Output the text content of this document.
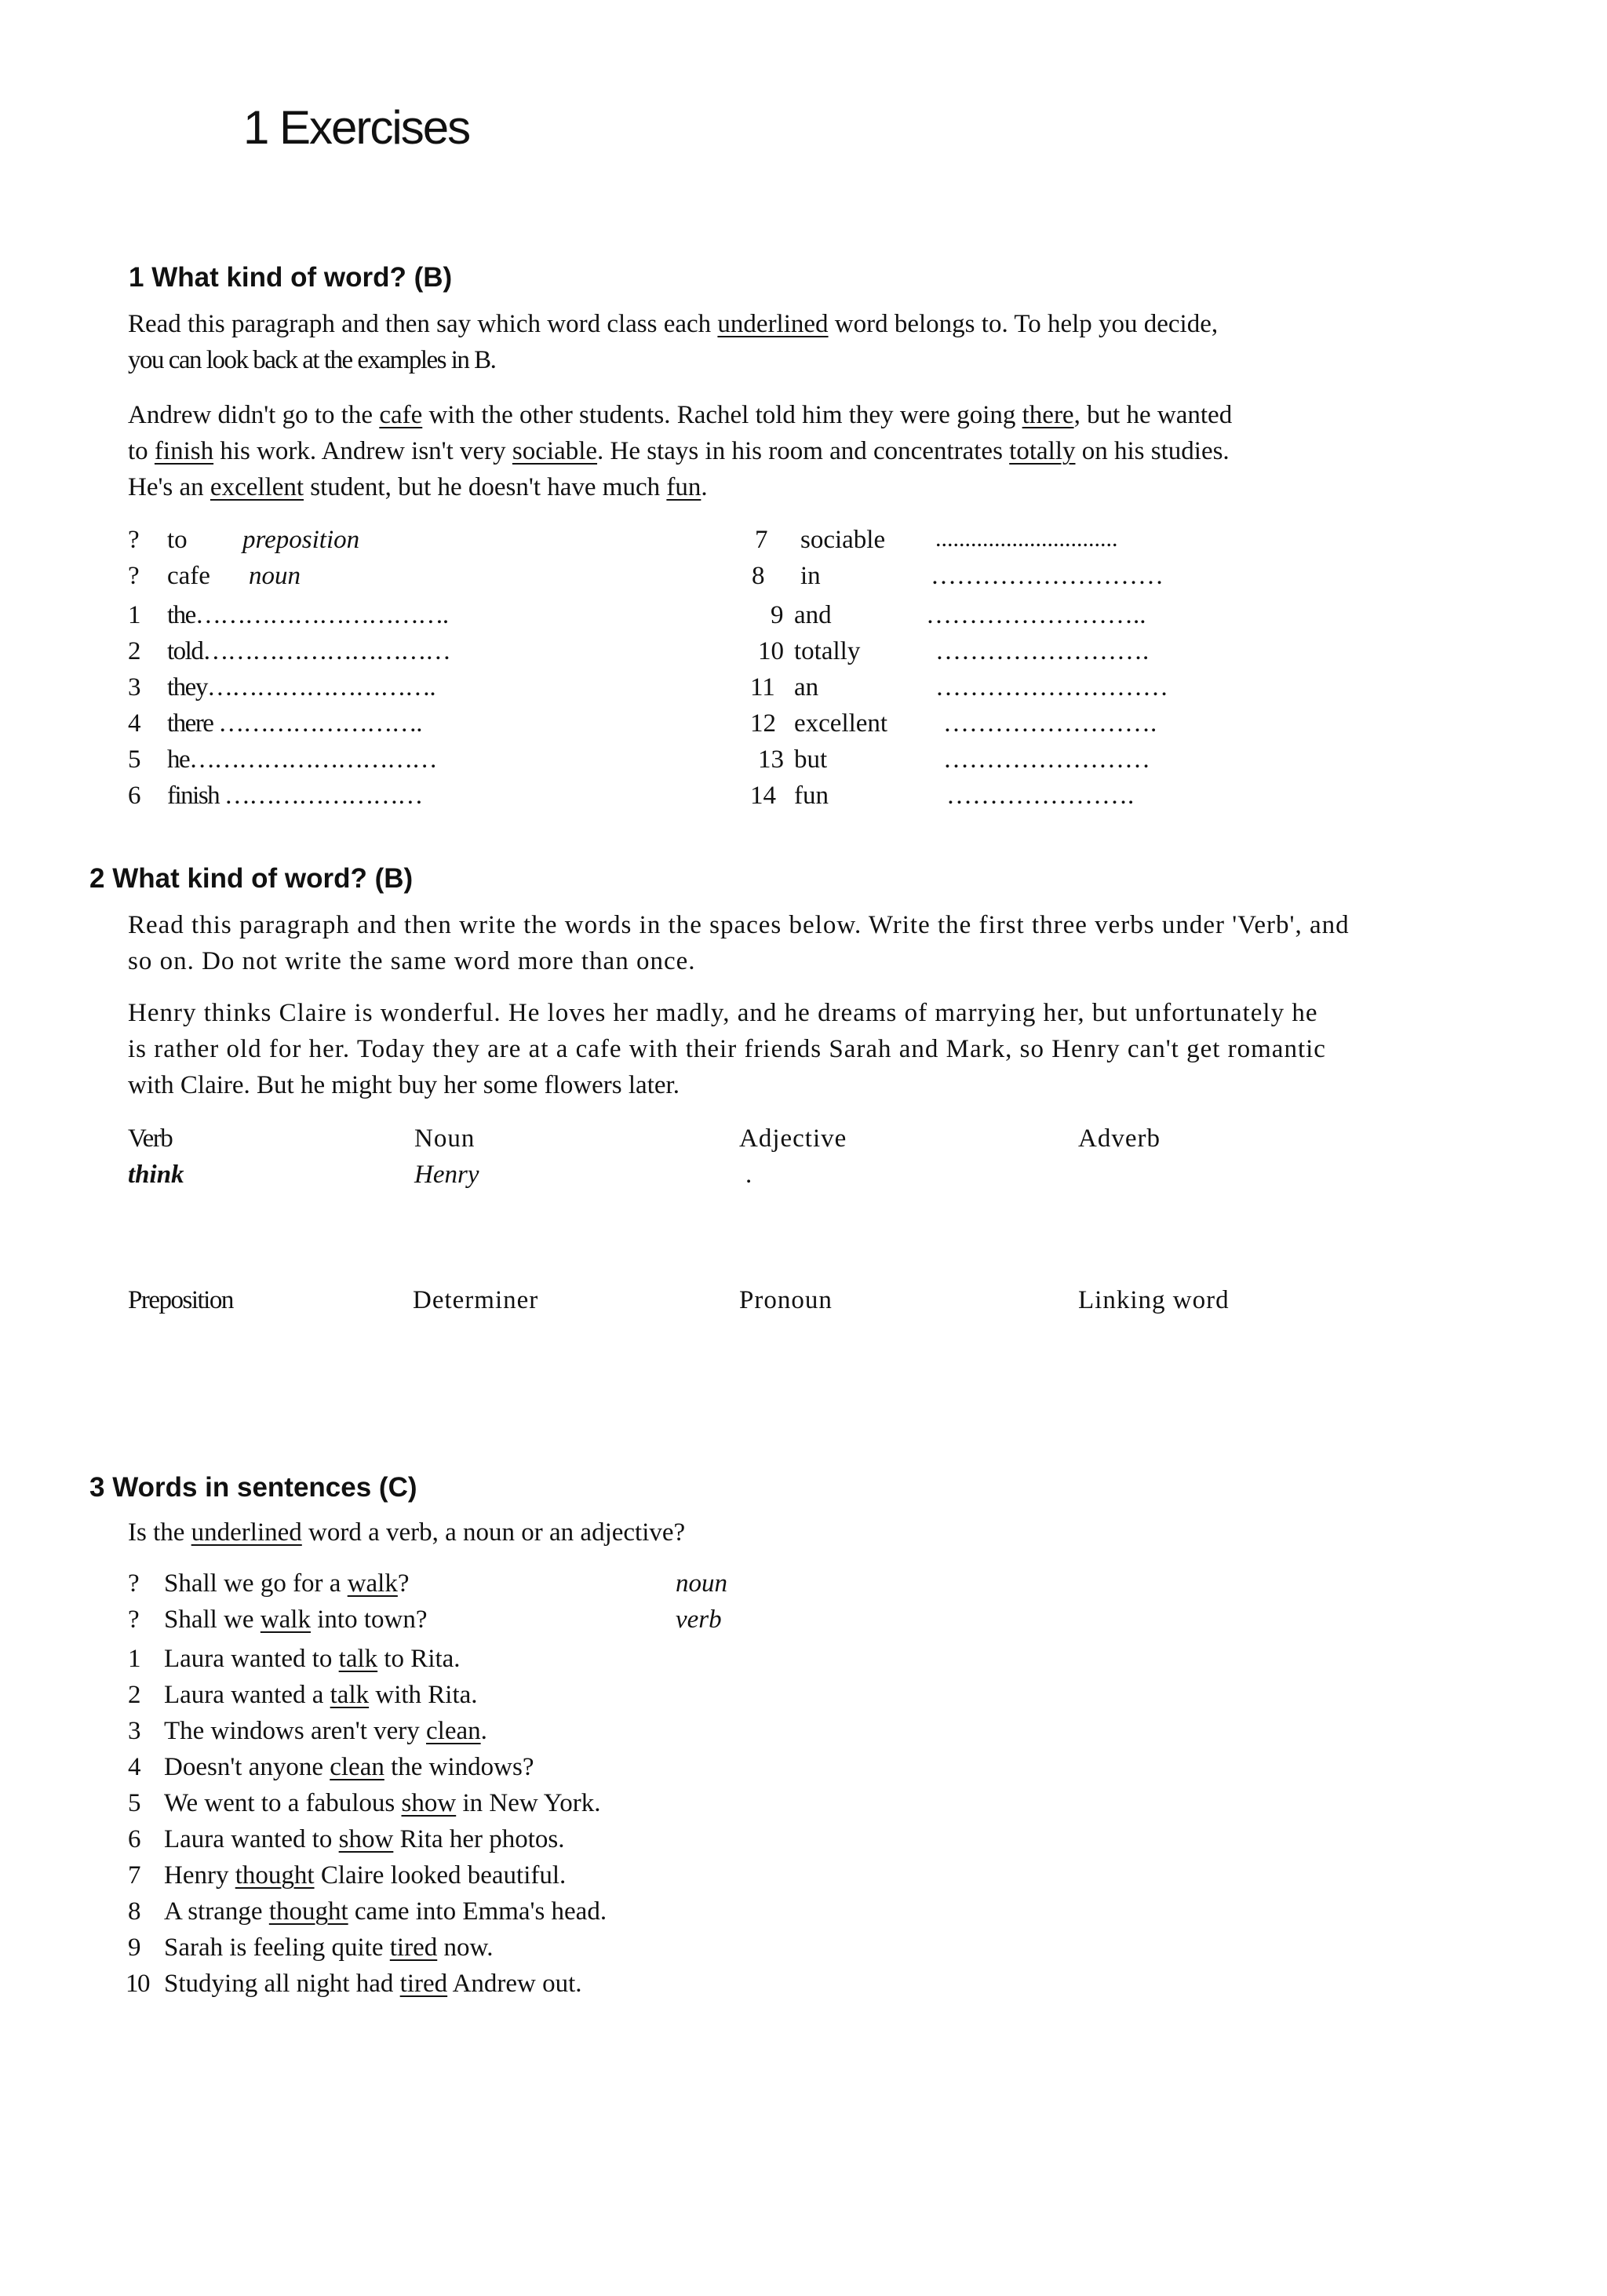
1 Exercises
1 What kind of word? (B)
Read this paragraph and then say which word class each underlined word belongs to. To help you decide,
you can look back at the examples in B.
Andrew didn't go to the cafe with the other students. Rachel told him they were going there, but he wanted
to finish his work. Andrew isn't very sociable. He stays in his room and concentrates totally on his studies.
He's an excellent student, but he doesn't have much fun.
? to preposition
? cafe noun
1 the………………………….
2 told…………………………
3 they……………………….
4 there …………………….
5 he…………………………
6 finish ……………………
7 sociable ...............................
8 in	………………………
9 and	……………………..
10 totally	…………………….
11 an	………………………
12 excellent …………………….
13 but	……………………
14 fun	………………….
2 What kind of word? (B)
Read this paragraph and then write the words in the spaces below. Write the first three verbs under 'Verb', and
so on. Do not write the same word more than once.
Henry thinks Claire is wonderful. He loves her madly, and he dreams of marrying her, but unfortunately he
is rather old for her. Today they are at a cafe with their friends Sarah and Mark, so Henry can't get romantic
with Claire. But he might buy her some flowers later.
Verb	Noun	Adjective	Adverb
think	Henry	.
Preposition	Determiner	Pronoun	Linking word
3 Words in sentences (C)
Is the underlined word a verb, a noun or an adjective?
? Shall we go for a walk?	noun
? Shall we walk into town?	verb
1 Laura wanted to talk to Rita.
2 Laura wanted a talk with Rita.
3 The windows aren't very clean.
4 Doesn't anyone clean the windows?
5 We went to a fabulous show in New York.
6 Laura wanted to show Rita her photos.
7 Henry thought Claire looked beautiful.
8 A strange thought came into Emma's head.
9 Sarah is feeling quite tired now.
10 Studying all night had tired Andrew out.
